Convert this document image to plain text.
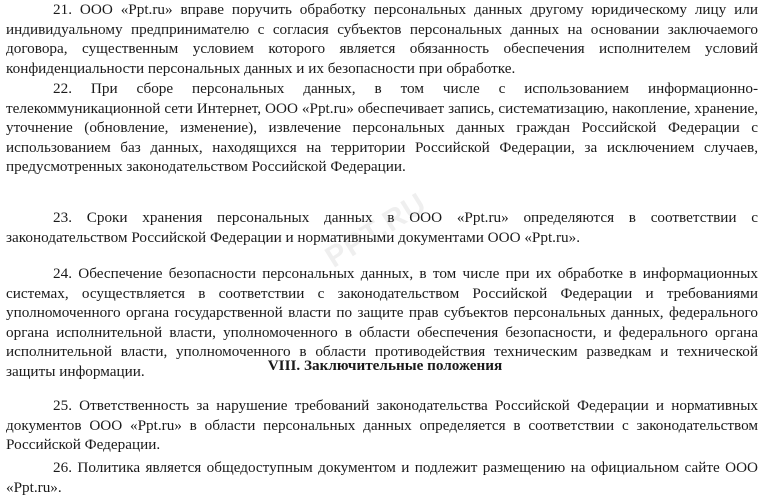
PPT.RU

21. ООО «Ppt.ru» вправе поручить обработку персональных данных другому юридическому лицу или индивидуальному предпринимателю с согласия субъектов персональных данных на основании заключаемого договора, существенным условием которого является обязанность обеспечения исполнителем условий конфиденциальности персональных данных и их безопасности при обработке.

22. При сборе персональных данных, в том числе с использованием информационно-телекоммуникационной сети Интернет, ООО «Ppt.ru» обеспечивает запись, систематизацию, накопление, хранение, уточнение (обновление, изменение), извлечение персональных данных граждан Российской Федерации с использованием баз данных, находящихся на территории Российской Федерации, за исключением случаев, предусмотренных законодательством Российской Федерации.

23. Сроки хранения персональных данных в ООО «Ppt.ru» определяются в соответствии с законодательством Российской Федерации и нормативными документами ООО «Ppt.ru».

24. Обеспечение безопасности персональных данных, в том числе при их обработке в информационных системах, осуществляется в соответствии с законодательством Российской Федерации и требованиями уполномоченного органа государственной власти по защите прав субъектов персональных данных, федерального органа исполнительной власти, уполномоченного в области обеспечения безопасности, и федерального органа исполнительной власти, уполномоченного в области противодействия техническим разведкам и технической защиты информации.	VIII. Заключительные положения

25. Ответственность за нарушение требований законодательства Российской Федерации и нормативных документов ООО «Ppt.ru» в области персональных данных определяется в соответствии с законодательством Российской Федерации.

26. Политика является общедоступным документом и подлежит размещению на официальном сайте ООО «Ppt.ru».
